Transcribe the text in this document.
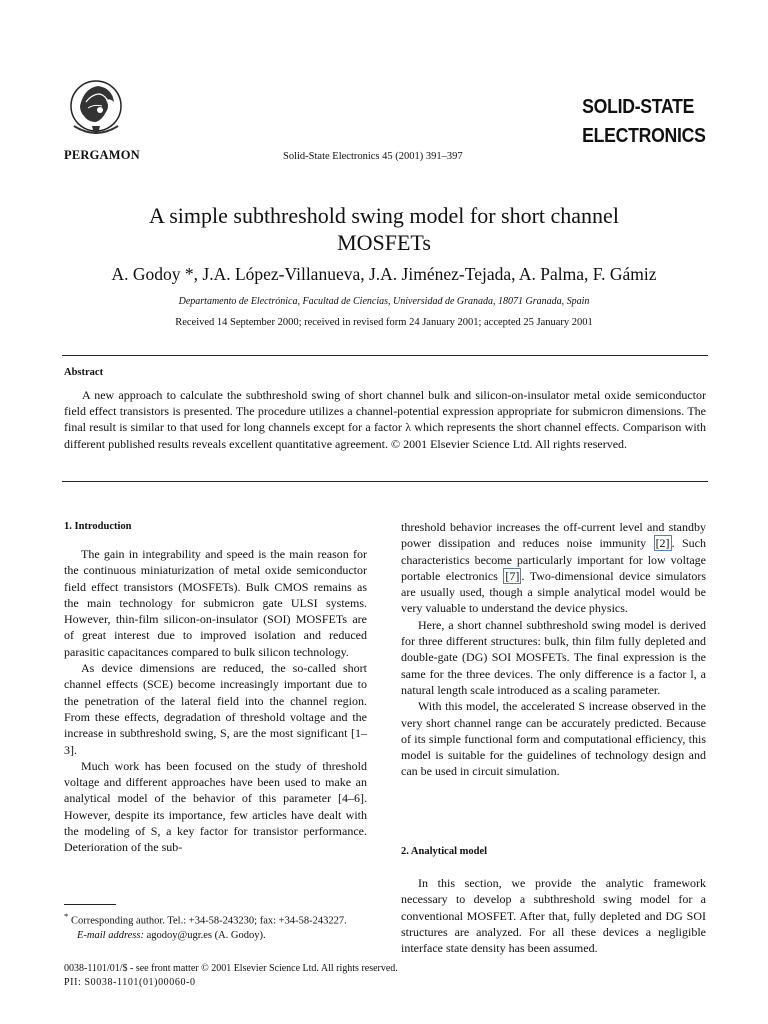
PERGAMON	Solid-State Electronics 45 (2001) 391–397
SOLID-STATE
ELECTRONICS
A simple subthreshold swing model for short channel
MOSFETs
A. Godoy *, J.A. López-Villanueva, J.A. Jiménez-Tejada, A. Palma, F. Gámiz
Departamento de Electrónica, Facultad de Ciencias, Universidad de Granada, 18071 Granada, Spain
Received 14 September 2000; received in revised form 24 January 2001; accepted 25 January 2001
Abstract
A new approach to calculate the subthreshold swing of short channel bulk and silicon-on-insulator metal oxide semiconductor field effect transistors is presented. The procedure utilizes a channel-potential expression appropriate for submicron dimensions. The final result is similar to that used for long channels except for a factor λ which represents the short channel effects. Comparison with different published results reveals excellent quantitative agreement. © 2001 Elsevier Science Ltd. All rights reserved.
1. Introduction

The gain in integrability and speed is the main reason for the continuous miniaturization of metal oxide semiconductor field effect transistors (MOSFETs). Bulk CMOS remains as the main technology for submicron gate ULSI systems. However, thin-film silicon-on-insulator (SOI) MOSFETs are of great interest due to improved isolation and reduced parasitic capacitances compared to bulk silicon technology.

As device dimensions are reduced, the so-called short channel effects (SCE) become increasingly important due to the penetration of the lateral field into the channel region. From these effects, degradation of threshold voltage and the increase in subthreshold swing, S, are the most significant [1–3].

Much work has been focused on the study of threshold voltage and different approaches have been used to make an analytical model of the behavior of this parameter [4–6]. However, despite its importance, few articles have dealt with the modeling of S, a key factor for transistor performance. Deterioration of the sub-

threshold behavior increases the off-current level and standby power dissipation and reduces noise immunity [2] . Such characteristics become particularly important for low voltage portable electronics [7] . Two-dimensional device simulators are usually used, though a simple analytical model would be very valuable to understand the device physics.

Here, a short channel subthreshold swing model is derived for three different structures: bulk, thin film fully depleted and double-gate (DG) SOI MOSFETs. The final expression is the same for the three devices. The only difference is a factor l, a natural length scale introduced as a scaling parameter.

With this model, the accelerated S increase observed in the very short channel range can be accurately predicted. Because of its simple functional form and computational efficiency, this model is suitable for the guidelines of technology design and can be used in circuit simulation.

2. Analytical model

In this section, we provide the analytic framework necessary to develop a subthreshold swing model for a conventional MOSFET. After that, fully depleted and DG SOI structures are analyzed. For all these devices a negligible interface state density has been assumed.

* Corresponding author. Tel.: +34-58-243230; fax: +34-58-243227.
E-mail address: agodoy@ugr.es (A. Godoy).
0038-1101/01/$ - see front matter © 2001 Elsevier Science Ltd. All rights reserved.
PII: S0038-1101(01)00060-0
